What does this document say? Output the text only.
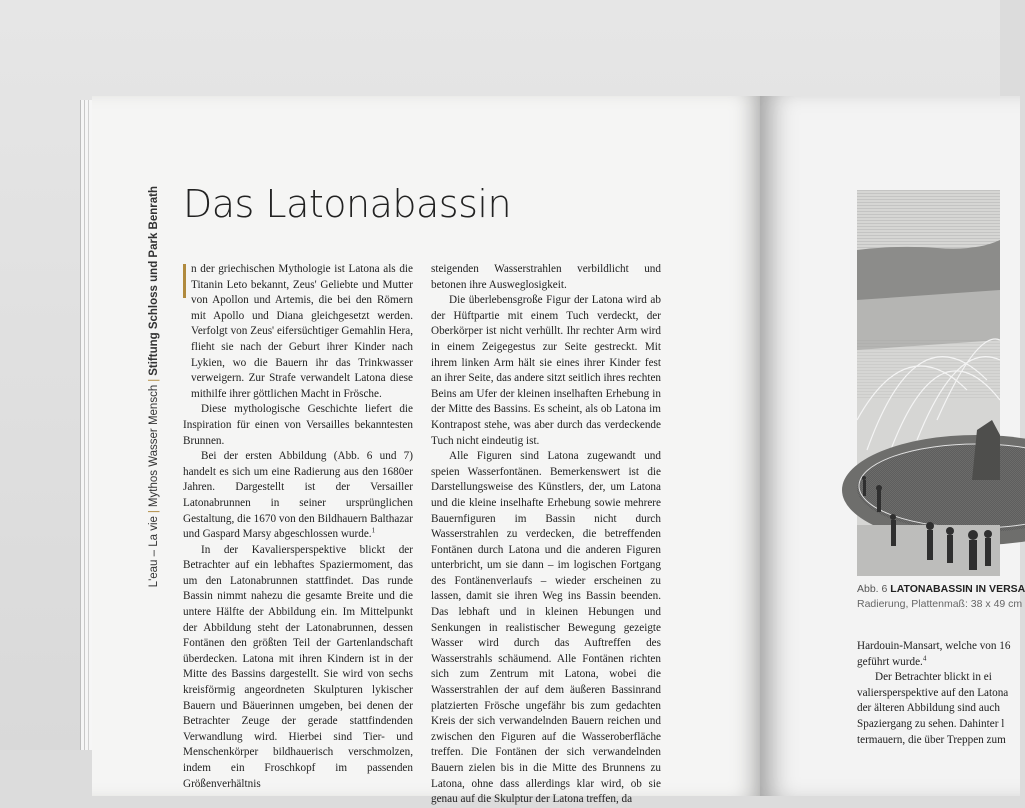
L'eau – La vie|Mythos Wasser Mensch|Stiftung Schloss und Park Benrath Das Latonabassin

n der griechischen Mythologie ist Latona als die Titanin Leto bekannt, Zeus' Geliebte und Mutter von Apollon und Artemis, die bei den Römern mit Apollo und Diana gleichgesetzt werden. Verfolgt von Zeus' eifersüchtiger Gemahlin Hera, flieht sie nach der Geburt ihrer Kinder nach Lykien, wo die Bauern ihr das Trinkwasser verweigern. Zur Strafe verwandelt Latona diese mithilfe ihrer göttlichen Macht in Frösche.

Diese mythologische Geschichte liefert die Inspiration für einen von Versailles bekanntesten Brunnen.

Bei der ersten Abbildung (Abb. 6 und 7) handelt es sich um eine Radierung aus den 1680er Jahren. Dargestellt ist der Versailler Latonabrunnen in seiner ursprünglichen Gestaltung, die 1670 von den Bildhauern Balthazar und Gaspard Marsy abgeschlossen wurde.$^1$

In der Kavaliersperspektive blickt der Betrachter auf ein lebhaftes Spaziermoment, das um den Latonabrunnen stattfindet. Das runde Bassin nimmt nahezu die gesamte Breite und die untere Hälfte der Abbildung ein. Im Mittelpunkt der Abbildung steht der Latonabrunnen, dessen Fontänen den größten Teil der Gartenlandschaft überdecken. Latona mit ihren Kindern ist in der Mitte des Bassins dargestellt. Sie wird von sechs kreisförmig angeordneten Skulpturen lykischer Bauern und Bäuerinnen umgeben, bei denen der Betrachter Zeuge der gerade stattfindenden Verwandlung wird. Hierbei sind Tier- und Menschenkörper bildhauerisch verschmolzen, indem ein Froschkopf im passenden Größenverhältnis

steigenden Wasserstrahlen verbildlicht und betonen ihre Ausweglosigkeit.

Die überlebensgroße Figur der Latona wird ab der Hüftpartie mit einem Tuch verdeckt, der Oberkörper ist nicht verhüllt. Ihr rechter Arm wird in einem Zeigegestus zur Seite gestreckt. Mit ihrem linken Arm hält sie eines ihrer Kinder fest an ihrer Seite, das andere sitzt seitlich ihres rechten Beins am Ufer der kleinen inselhaften Erhebung in der Mitte des Bassins. Es scheint, als ob Latona im Kontrapost stehe, was aber durch das verdeckende Tuch nicht eindeutig ist.

Alle Figuren sind Latona zugewandt und speien Wasserfontänen. Bemerkenswert ist die Darstellungsweise des Künstlers, der, um Latona und die kleine inselhafte Erhebung sowie mehrere Bauernfiguren im Bassin nicht durch Wasserstrahlen zu verdecken, die betreffenden Fontänen durch Latona und die anderen Figuren unterbricht, um sie dann – im logischen Fortgang des Fontänenverlaufs – wieder erscheinen zu lassen, damit sie ihren Weg ins Bassin beenden. Das lebhaft und in kleinen Hebungen und Senkungen in realistischer Bewegung gezeigte Wasser wird durch das Auftreffen des Wasserstrahls schäumend. Alle Fontänen richten sich zum Zentrum mit Latona, wobei die Wasserstrahlen der auf dem äußeren Bassinrand platzierten Frösche ungefähr bis zum gedachten Kreis der sich verwandelnden Bauern reichen und zwischen den Figuren auf die Wasseroberfläche treffen. Die Fontänen der sich verwandelnden Bauern zielen bis in die Mitte des Brunnens zu Latona, ohne dass allerdings klar wird, ob sie genau auf die Skulptur der Latona treffen, da

Abb. 6 LATONABASSIN IN VERSA
Radierung, Plattenmaß: 38 x 49 cm

Hardouin-Mansart, welche von 16

geführt wurde.$^4$

Der Betrachter blickt in ei

valiersperspektive auf den Latona

der älteren Abbildung sind auch

Spaziergang zu sehen. Dahinter l

termauern, die über Treppen zum
